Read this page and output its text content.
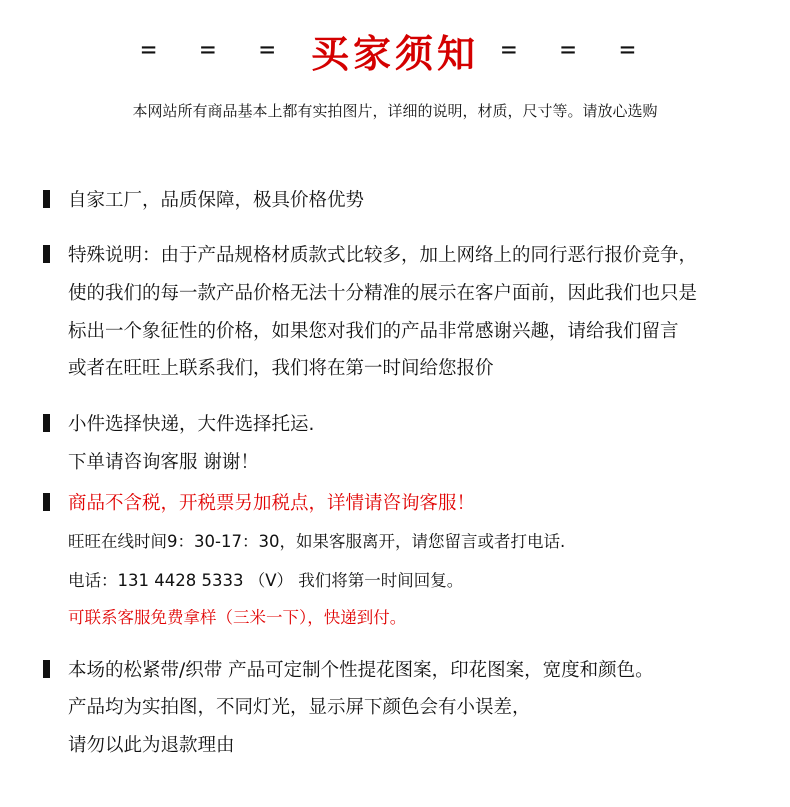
= = = 买家须知 = = =
本网站所有商品基本上都有实拍图片，详细的说明，材质，尺寸等。请放心选购
自家工厂，品质保障，极具价格优势
特殊说明：由于产品规格材质款式比较多，加上网络上的同行恶行报价竞争，
使的我们的每一款产品价格无法十分精准的展示在客户面前，因此我们也只是
标出一个象征性的价格，如果您对我们的产品非常感谢兴趣，请给我们留言
或者在旺旺上联系我们，我们将在第一时间给您报价
小件选择快递，大件选择托运.
下单请咨询客服 谢谢！
商品不含税，开税票另加税点，详情请咨询客服！
旺旺在线时间9：30-17：30，如果客服离开，请您留言或者打电话.
电话：131 4428 5333 （V） 我们将第一时间回复。
可联系客服免费拿样（三米一下），快递到付。
本场的松紧带/织带 产品可定制个性提花图案，印花图案，宽度和颜色。
产品均为实拍图，不同灯光，显示屏下颜色会有小误差，
请勿以此为退款理由
